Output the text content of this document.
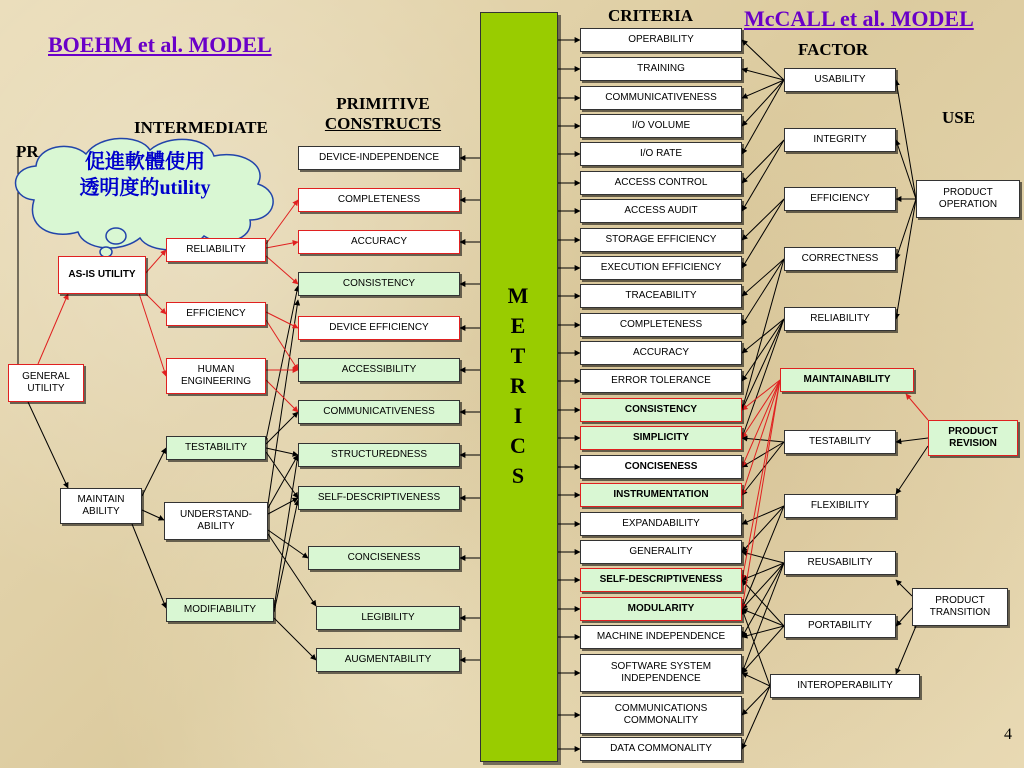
BOEHM et al. MODEL
McCALL et al. MODEL
CRITERIA
FACTOR
USE
PRIMITIVE
CONSTRUCTS
INTERMEDIATE
PR	促進軟體使用
透明度的utility
GENERAL UTILITY
AS-IS UTILITY
MAINTAIN ABILITY
RELIABILITY
EFFICIENCY
HUMAN ENGINEERING
TESTABILITY
UNDERSTAND- ABILITY
MODIFIABILITY
PRODUCT OPERATION
PRODUCT REVISION
PRODUCT TRANSITION
4
DEVICE-INDEPENDENCE
COMPLETENESS
ACCURACY
CONSISTENCY
DEVICE EFFICIENCY
ACCESSIBILITY
COMMUNICATIVENESS
STRUCTUREDNESS
SELF-DESCRIPTIVENESS
CONCISENESS
LEGIBILITY
AUGMENTABILITY
OPERABILITY
TRAINING
COMMUNICATIVENESS
I/O VOLUME
I/O RATE
ACCESS CONTROL
ACCESS AUDIT
STORAGE EFFICIENCY
EXECUTION EFFICIENCY
TRACEABILITY
COMPLETENESS
ACCURACY
ERROR TOLERANCE
CONSISTENCY
SIMPLICITY
CONCISENESS
INSTRUMENTATION
EXPANDABILITY
GENERALITY
SELF-DESCRIPTIVENESS
MODULARITY
MACHINE INDEPENDENCE
SOFTWARE SYSTEM INDEPENDENCE
COMMUNICATIONS COMMONALITY
DATA COMMONALITY
USABILITY
INTEGRITY
EFFICIENCY
CORRECTNESS
RELIABILITY
MAINTAINABILITY
TESTABILITY
FLEXIBILITY
REUSABILITY
PORTABILITY
INTEROPERABILITY
M
E
T
R
I
C
S
